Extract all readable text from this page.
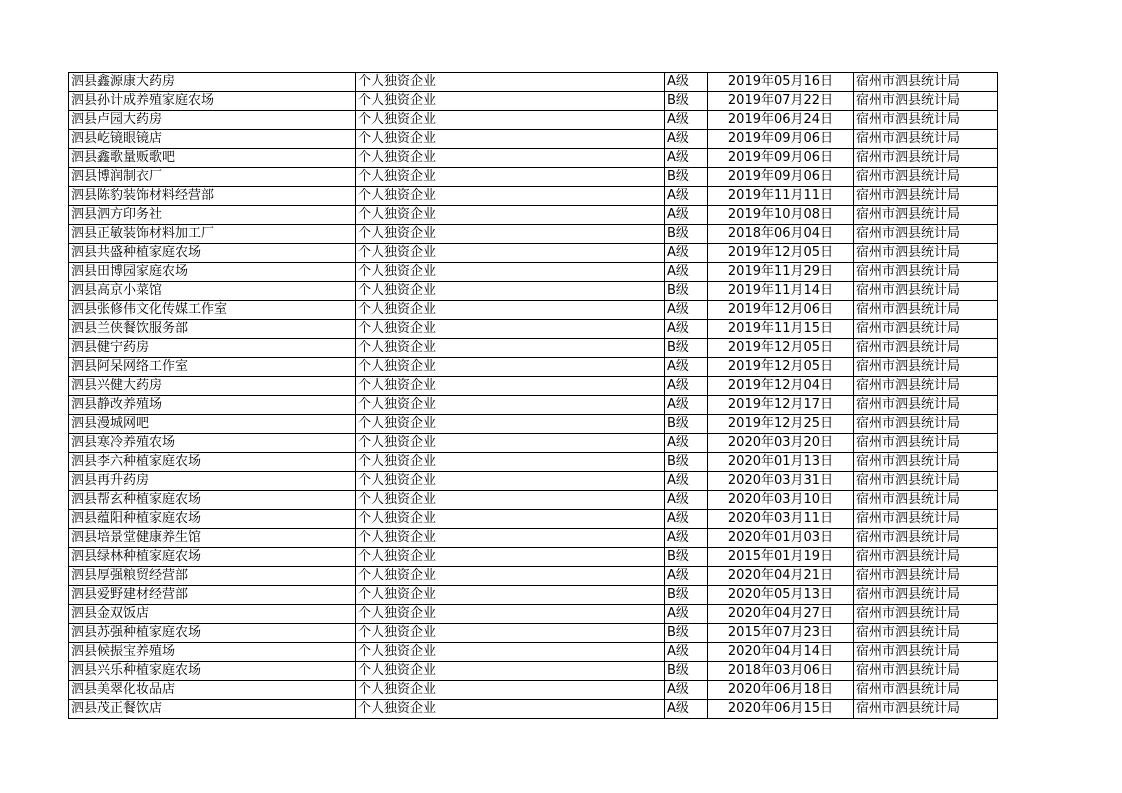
泗县鑫源康大药房	个人独资企业	A级	2019年05月16日	宿州市泗县统计局
泗县孙计成养殖家庭农场	个人独资企业	B级	2019年07月22日	宿州市泗县统计局
泗县卢园大药房	个人独资企业	A级	2019年06月24日	宿州市泗县统计局
泗县屹镜眼镜店	个人独资企业	A级	2019年09月06日	宿州市泗县统计局
泗县鑫歌量贩歌吧	个人独资企业	A级	2019年09月06日	宿州市泗县统计局
泗县博润制衣厂	个人独资企业	B级	2019年09月06日	宿州市泗县统计局
泗县陈豹装饰材料经营部	个人独资企业	A级	2019年11月11日	宿州市泗县统计局
泗县泗方印务社	个人独资企业	A级	2019年10月08日	宿州市泗县统计局
泗县正敏装饰材料加工厂	个人独资企业	B级	2018年06月04日	宿州市泗县统计局
泗县共盛种植家庭农场	个人独资企业	A级	2019年12月05日	宿州市泗县统计局
泗县田博园家庭农场	个人独资企业	A级	2019年11月29日	宿州市泗县统计局
泗县高京小菜馆	个人独资企业	B级	2019年11月14日	宿州市泗县统计局
泗县张修伟文化传媒工作室	个人独资企业	A级	2019年12月06日	宿州市泗县统计局
泗县兰侠餐饮服务部	个人独资企业	A级	2019年11月15日	宿州市泗县统计局
泗县健宁药房	个人独资企业	B级	2019年12月05日	宿州市泗县统计局
泗县阿呆网络工作室	个人独资企业	A级	2019年12月05日	宿州市泗县统计局
泗县兴健大药房	个人独资企业	A级	2019年12月04日	宿州市泗县统计局
泗县静改养殖场	个人独资企业	A级	2019年12月17日	宿州市泗县统计局
泗县漫城网吧	个人独资企业	B级	2019年12月25日	宿州市泗县统计局
泗县寒冷养殖农场	个人独资企业	A级	2020年03月20日	宿州市泗县统计局
泗县李六种植家庭农场	个人独资企业	B级	2020年01月13日	宿州市泗县统计局
泗县再升药房	个人独资企业	A级	2020年03月31日	宿州市泗县统计局
泗县帮玄种植家庭农场	个人独资企业	A级	2020年03月10日	宿州市泗县统计局
泗县蕴阳种植家庭农场	个人独资企业	A级	2020年03月11日	宿州市泗县统计局
泗县培景堂健康养生馆	个人独资企业	A级	2020年01月03日	宿州市泗县统计局
泗县绿林种植家庭农场	个人独资企业	B级	2015年01月19日	宿州市泗县统计局
泗县厚强粮贸经营部	个人独资企业	A级	2020年04月21日	宿州市泗县统计局
泗县爱野建材经营部	个人独资企业	B级	2020年05月13日	宿州市泗县统计局
泗县金双饭店	个人独资企业	A级	2020年04月27日	宿州市泗县统计局
泗县苏强种植家庭农场	个人独资企业	B级	2015年07月23日	宿州市泗县统计局
泗县候振宝养殖场	个人独资企业	A级	2020年04月14日	宿州市泗县统计局
泗县兴乐种植家庭农场	个人独资企业	B级	2018年03月06日	宿州市泗县统计局
泗县美翠化妆品店	个人独资企业	A级	2020年06月18日	宿州市泗县统计局
泗县茂正餐饮店	个人独资企业	A级	2020年06月15日	宿州市泗县统计局
